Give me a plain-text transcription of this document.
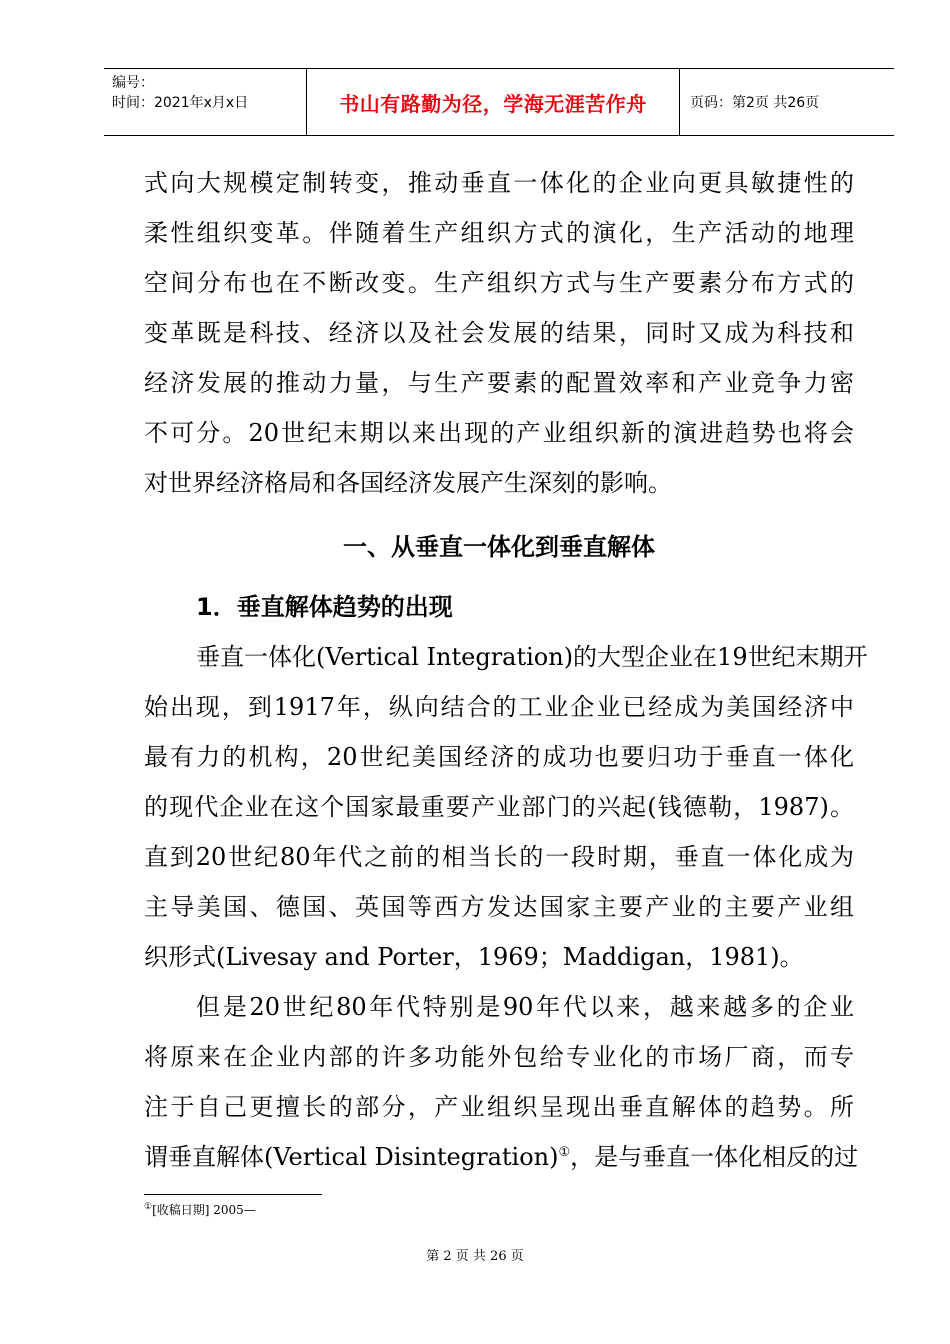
编号：
时间：2021年x月x日	书山有路勤为径，学海无涯苦作舟	页码：第2页 共26页
式向大规模定制转变，推动垂直一体化的企业向更具敏捷性的
柔性组织变革。伴随着生产组织方式的演化，生产活动的地理
空间分布也在不断改变。生产组织方式与生产要素分布方式的
变革既是科技、经济以及社会发展的结果，同时又成为科技和
经济发展的推动力量，与生产要素的配置效率和产业竞争力密
不可分。20世纪末期以来出现的产业组织新的演进趋势也将会
对世界经济格局和各国经济发展产生深刻的影响。
一、从垂直一体化到垂直解体
1．垂直解体趋势的出现
垂直一体化(Vertical Integration)的大型企业在19世纪末期开
始出现，到1917年，纵向结合的工业企业已经成为美国经济中
最有力的机构，20世纪美国经济的成功也要归功于垂直一体化
的现代企业在这个国家最重要产业部门的兴起(钱德勒，1987)。
直到20世纪80年代之前的相当长的一段时期，垂直一体化成为
主导美国、德国、英国等西方发达国家主要产业的主要产业组
织形式(Livesay and Porter，1969；Maddigan，1981)。
但是20世纪80年代特别是90年代以来，越来越多的企业
将原来在企业内部的许多功能外包给专业化的市场厂商，而专
注于自己更擅长的部分，产业组织呈现出垂直解体的趋势。所
谓垂直解体(Vertical Disintegration)①，是与垂直一体化相反的过
①[收稿日期] 2005—
第 2 页 共 26 页
